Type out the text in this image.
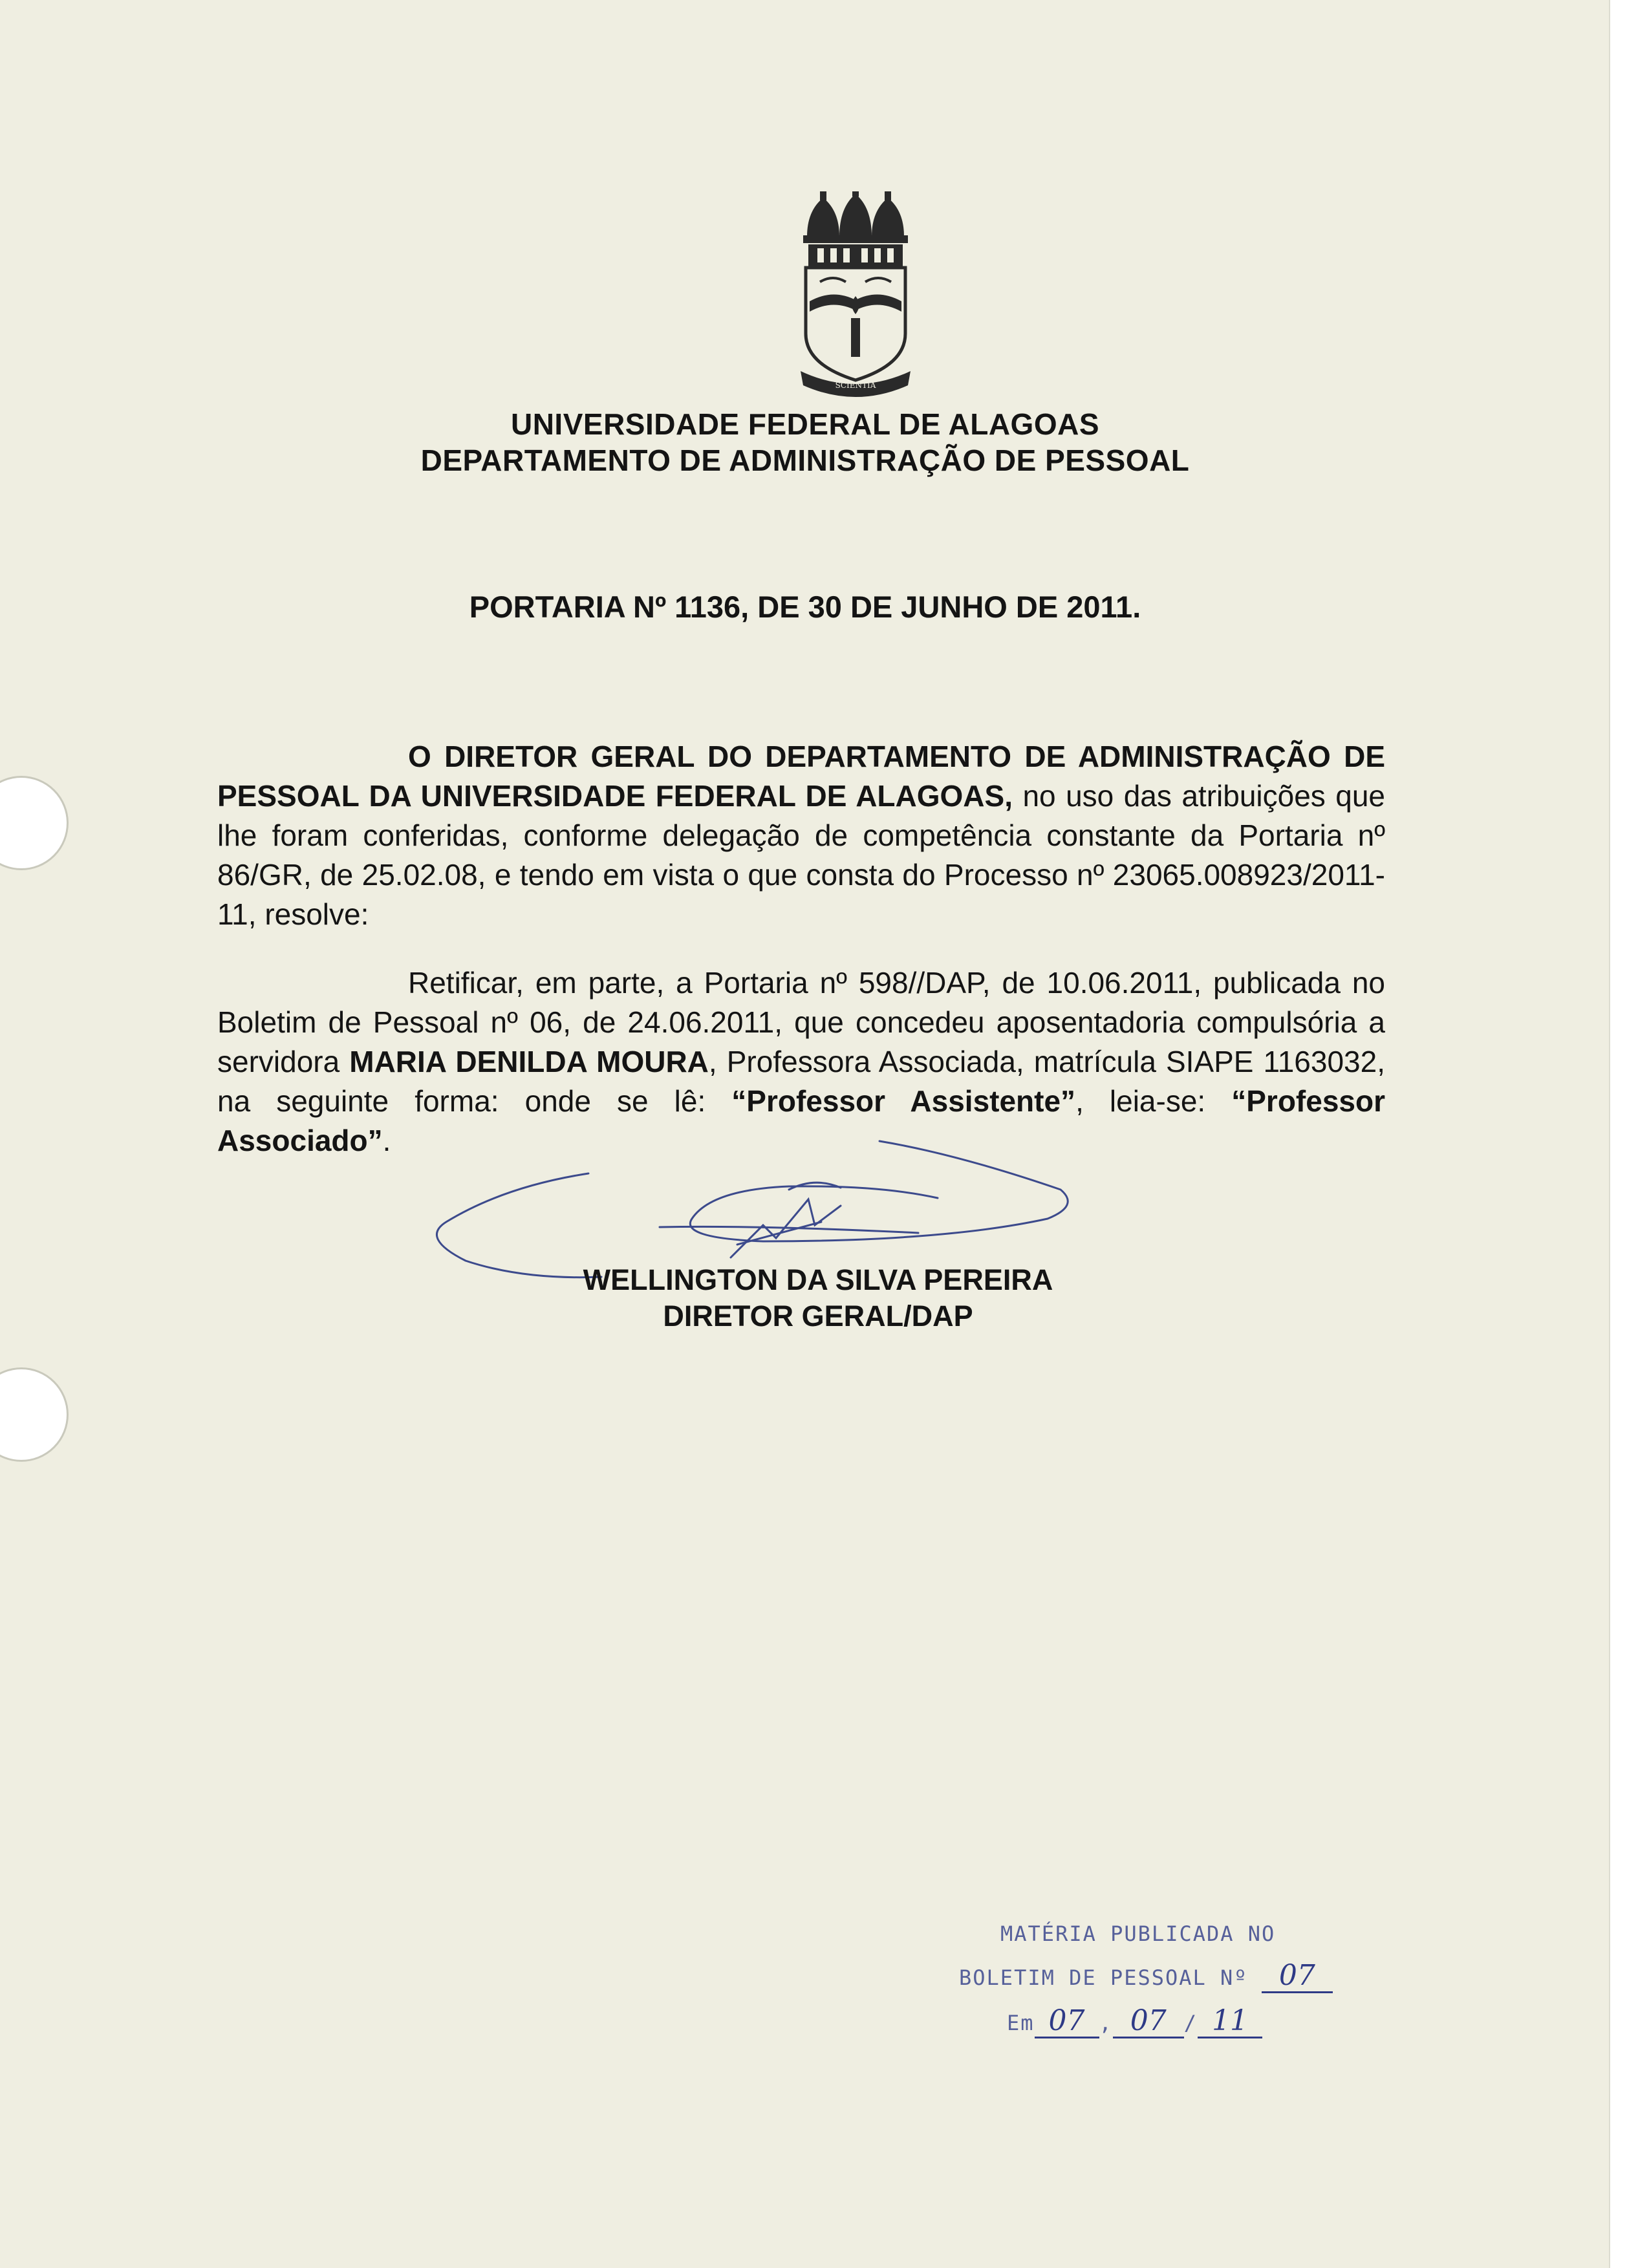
SCIENTIA
UNIVERSIDADE FEDERAL DE ALAGOAS
DEPARTAMENTO DE ADMINISTRAÇÃO DE PESSOAL
PORTARIA Nº 1136, DE 30 DE JUNHO DE 2011.
O DIRETOR GERAL DO DEPARTAMENTO DE ADMINISTRAÇÃO DE PESSOAL DA UNIVERSIDADE FEDERAL DE ALAGOAS, no uso das atribuições que lhe foram conferidas, conforme delegação de competência constante da Portaria nº 86/GR, de 25.02.08, e tendo em vista o que consta do Processo nº 23065.008923/2011-11, resolve:
Retificar, em parte, a Portaria nº 598//DAP, de 10.06.2011, publicada no Boletim de Pessoal nº 06, de 24.06.2011, que concedeu aposentadoria compulsória a servidora MARIA DENILDA MOURA, Professora Associada, matrícula SIAPE 1163032, na seguinte forma: onde se lê: “Professor Assistente”, leia-se: “Professor Associado”.
WELLINGTON DA SILVA PEREIRA
DIRETOR GERAL/DAP
MATÉRIA PUBLICADA NO
BOLETIM DE PESSOAL Nº 07
Em 07 , 07 / 11
